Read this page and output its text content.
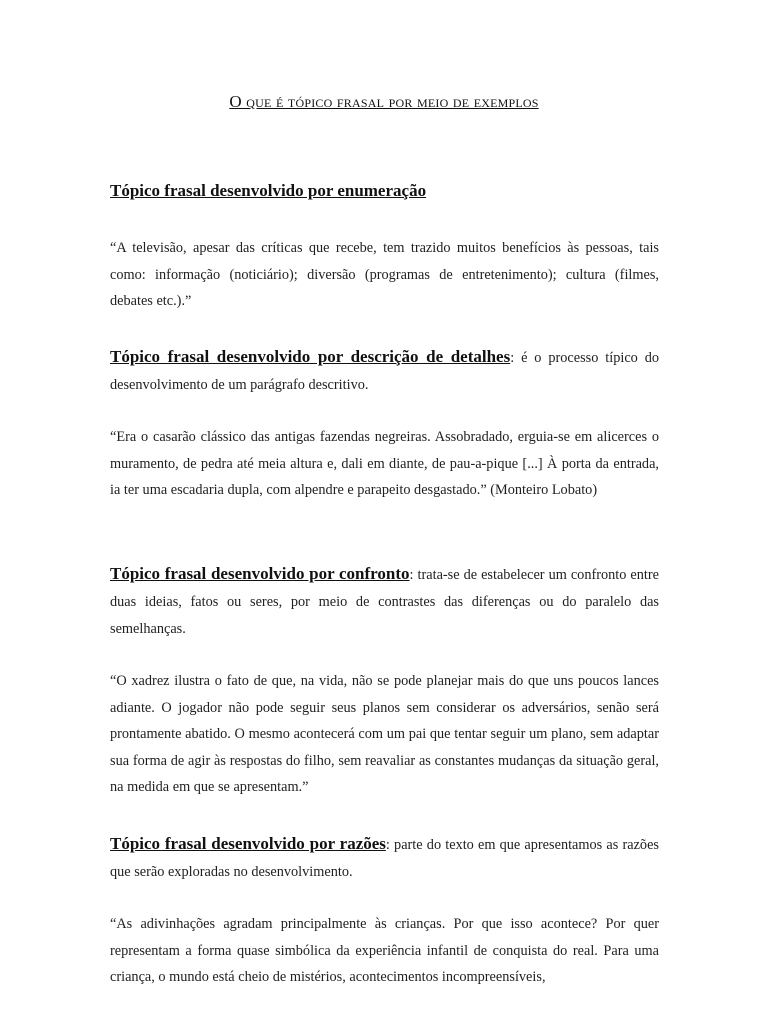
O que é tópico frasal por meio de exemplos
Tópico frasal desenvolvido por enumeração
“A televisão, apesar das críticas que recebe, tem trazido muitos benefícios às pessoas, tais como: informação (noticiário); diversão (programas de entretenimento); cultura (filmes, debates etc.).”
Tópico frasal desenvolvido por descrição de detalhes: é o processo típico do desenvolvimento de um parágrafo descritivo.
“Era o casarão clássico das antigas fazendas negreiras. Assobradado, erguia-se em alicerces o muramento, de pedra até meia altura e, dali em diante, de pau-a-pique [...] À porta da entrada, ia ter uma escadaria dupla, com alpendre e parapeito desgastado.” (Monteiro Lobato)
Tópico frasal desenvolvido por confronto: trata-se de estabelecer um confronto entre duas ideias, fatos ou seres, por meio de contrastes das diferenças ou do paralelo das semelhanças.
“O xadrez ilustra o fato de que, na vida, não se pode planejar mais do que uns poucos lances adiante. O jogador não pode seguir seus planos sem considerar os adversários, senão será prontamente abatido. O mesmo acontecerá com um pai que tentar seguir um plano, sem adaptar sua forma de agir às respostas do filho, sem reavaliar as constantes mudanças da situação geral, na medida em que se apresentam.”
Tópico frasal desenvolvido por razões: parte do texto em que apresentamos as razões que serão exploradas no desenvolvimento.
“As adivinhações agradam principalmente às crianças. Por que isso acontece? Por quer representam a forma quase simbólica da experiência infantil de conquista do real. Para uma criança, o mundo está cheio de mistérios, acontecimentos incompreensíveis,
